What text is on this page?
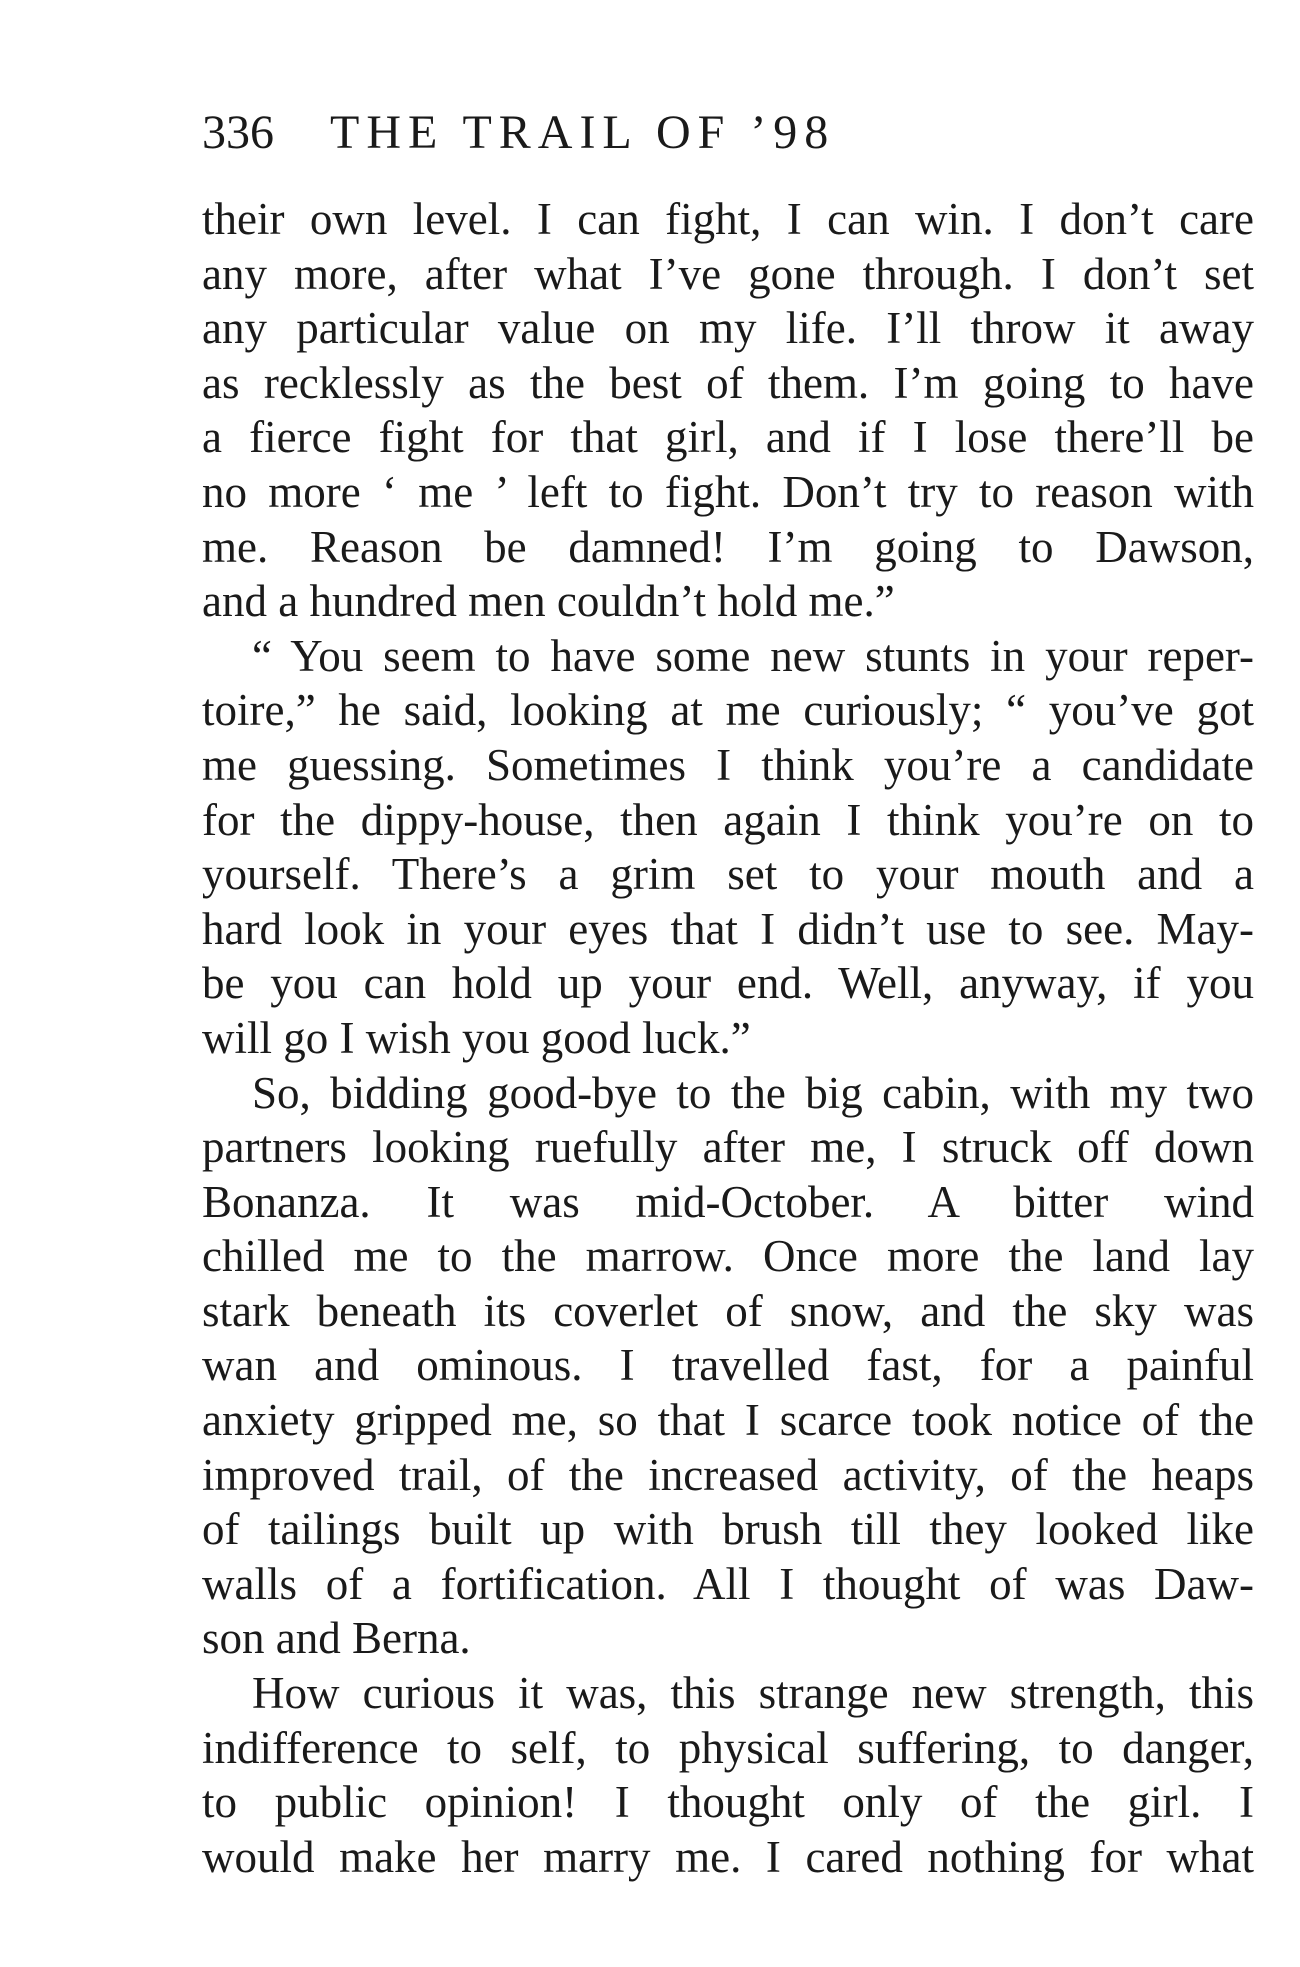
336 THE TRAIL OF ’98
their own level. I can fight, I can win. I don’t care
any more, after what I’ve gone through. I don’t set
any particular value on my life. I’ll throw it away
as recklessly as the best of them. I’m going to have
a fierce fight for that girl, and if I lose there’ll be
no more ‘ me ’ left to fight. Don’t try to reason with
me. Reason be damned! I’m going to Dawson,
and a hundred men couldn’t hold me.”
“ You seem to have some new stunts in your reper-
toire,” he said, looking at me curiously; “ you’ve got
me guessing. Sometimes I think you’re a candidate
for the dippy-house, then again I think you’re on to
yourself. There’s a grim set to your mouth and a
hard look in your eyes that I didn’t use to see. May-
be you can hold up your end. Well, anyway, if you
will go I wish you good luck.”
So, bidding good-bye to the big cabin, with my two
partners looking ruefully after me, I struck off down
Bonanza. It was mid-October. A bitter wind
chilled me to the marrow. Once more the land lay
stark beneath its coverlet of snow, and the sky was
wan and ominous. I travelled fast, for a painful
anxiety gripped me, so that I scarce took notice of the
improved trail, of the increased activity, of the heaps
of tailings built up with brush till they looked like
walls of a fortification. All I thought of was Daw-
son and Berna.
How curious it was, this strange new strength, this
indifference to self, to physical suffering, to danger,
to public opinion! I thought only of the girl. I
would make her marry me. I cared nothing for what
